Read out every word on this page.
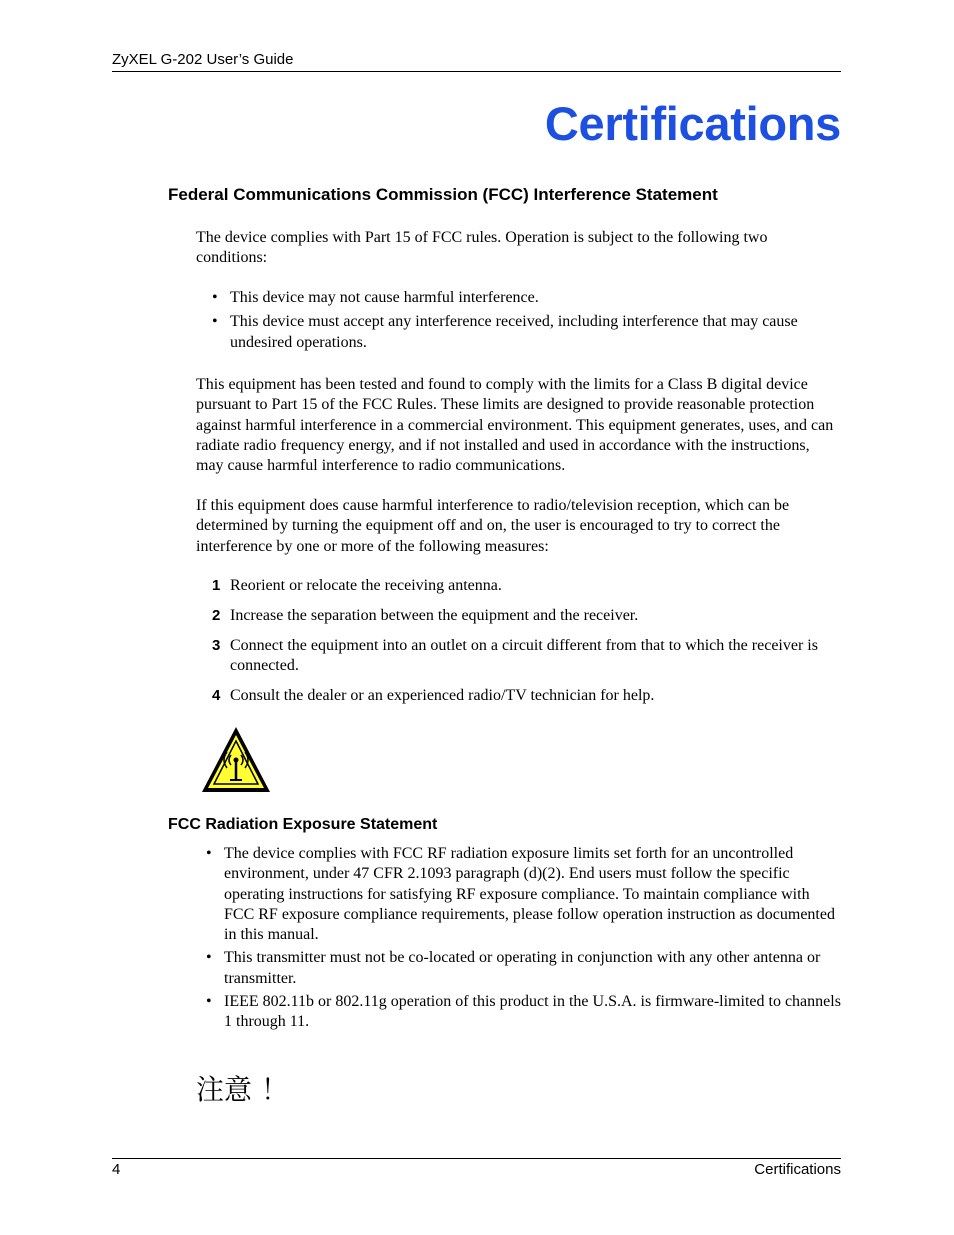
ZyXEL G-202 User’s Guide
Certifications
Federal Communications Commission (FCC) Interference Statement
The device complies with Part 15 of FCC rules. Operation is subject to the following two conditions:
• This device may not cause harmful interference.
• This device must accept any interference received, including interference that may cause undesired operations.
This equipment has been tested and found to comply with the limits for a Class B digital device pursuant to Part 15 of the FCC Rules. These limits are designed to provide reasonable protection against harmful interference in a commercial environment. This equipment generates, uses, and can radiate radio frequency energy, and if not installed and used in accordance with the instructions, may cause harmful interference to radio communications.
If this equipment does cause harmful interference to radio/television reception, which can be determined by turning the equipment off and on, the user is encouraged to try to correct the interference by one or more of the following measures:
1 Reorient or relocate the receiving antenna.
2 Increase the separation between the equipment and the receiver.
3 Connect the equipment into an outlet on a circuit different from that to which the receiver is connected.
4 Consult the dealer or an experienced radio/TV technician for help.
FCC Radiation Exposure Statement
• The device complies with FCC RF radiation exposure limits set forth for an uncontrolled environment, under 47 CFR 2.1093 paragraph (d)(2). End users must follow the specific operating instructions for satisfying RF exposure compliance. To maintain compliance with FCC RF exposure compliance requirements, please follow operation instruction as documented in this manual.
• This transmitter must not be co-located or operating in conjunction with any other antenna or transmitter.
• IEEE 802.11b or 802.11g operation of this product in the U.S.A. is firmware-limited to channels 1 through 11.
注意 ！
4	Certifications
